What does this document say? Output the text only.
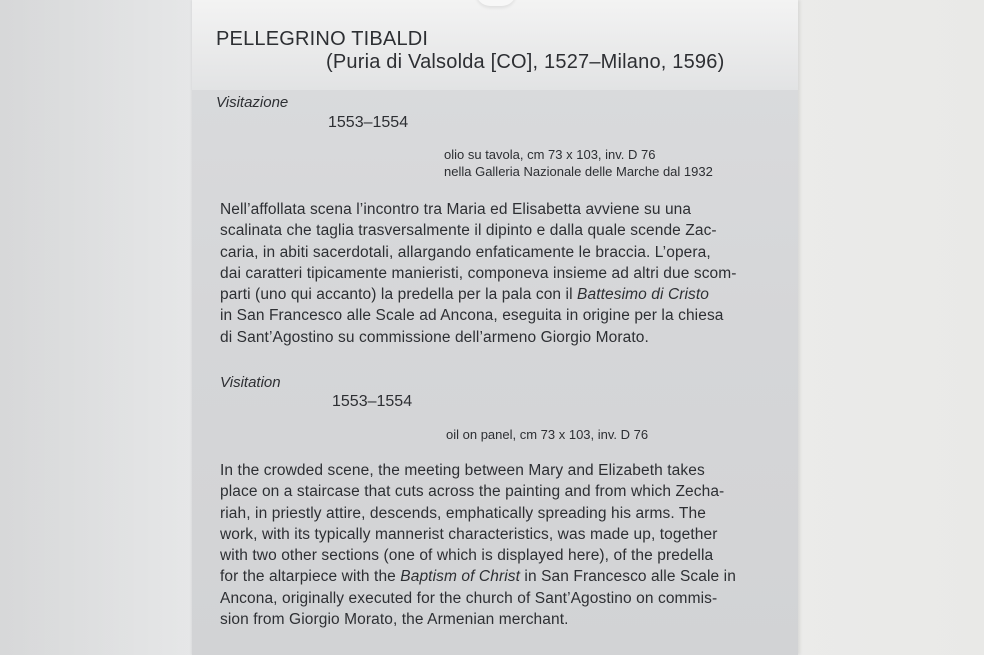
PELLEGRINO TIBALDI

(Puria di Valsolda [CO], 1527–Milano, 1596)

Visitazione

1553–1554

olio su tavola, cm 73 x 103, inv. D 76

nella Galleria Nazionale delle Marche dal 1932

Nell’affollata scena l’incontro tra Maria ed Elisabetta avviene su una
scalinata che taglia trasversalmente il dipinto e dalla quale scende Zac-
caria, in abiti sacerdotali, allargando enfaticamente le braccia. L’opera,
dai caratteri tipicamente manieristi, componeva insieme ad altri due scom-
parti (uno qui accanto) la predella per la pala con il Battesimo di Cristo
in San Francesco alle Scale ad Ancona, eseguita in origine per la chiesa
di Sant’Agostino su commissione dell’armeno Giorgio Morato.

Visitation

1553–1554

oil on panel, cm 73 x 103, inv. D 76

In the crowded scene, the meeting between Mary and Elizabeth takes
place on a staircase that cuts across the painting and from which Zecha-
riah, in priestly attire, descends, emphatically spreading his arms. The
work, with its typically mannerist characteristics, was made up, together
with two other sections (one of which is displayed here), of the predella
for the altarpiece with the Baptism of Christ in San Francesco alle Scale in
Ancona, originally executed for the church of Sant’Agostino on commis-
sion from Giorgio Morato, the Armenian merchant.
